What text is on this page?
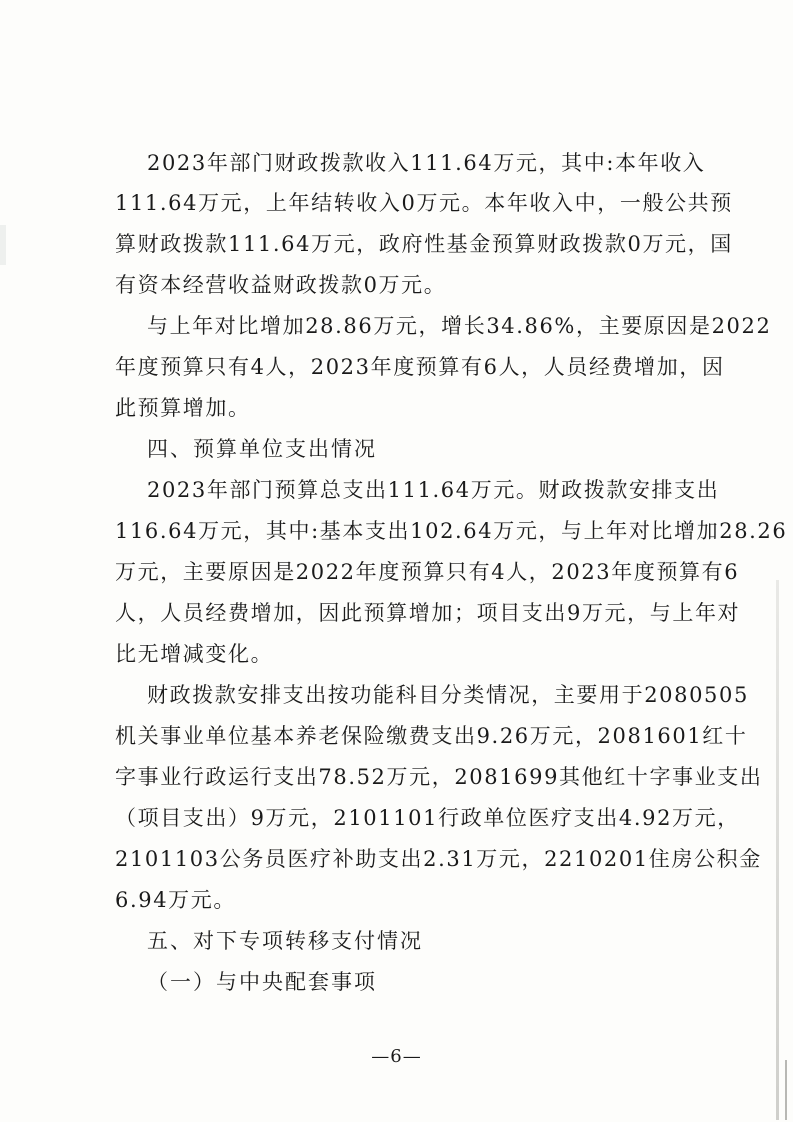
2023年部门财政拨款收入111.64万元，其中:本年收入
111.64万元，上年结转收入0万元。本年收入中，一般公共预
算财政拨款111.64万元，政府性基金预算财政拨款0万元，国
有资本经营收益财政拨款0万元。
与上年对比增加28.86万元，增长34.86%，主要原因是2022
年度预算只有4人，2023年度预算有6人，人员经费增加，因
此预算增加。
四、预算单位支出情况
2023年部门预算总支出111.64万元。财政拨款安排支出
116.64万元，其中:基本支出102.64万元，与上年对比增加28.26
万元，主要原因是2022年度预算只有4人，2023年度预算有6
人，人员经费增加，因此预算增加；项目支出9万元，与上年对
比无增减变化。
财政拨款安排支出按功能科目分类情况，主要用于2080505
机关事业单位基本养老保险缴费支出9.26万元，2081601红十
字事业行政运行支出78.52万元，2081699其他红十字事业支出
（项目支出）9万元，2101101行政单位医疗支出4.92万元，
2101103公务员医疗补助支出2.31万元，2210201住房公积金
6.94万元。
五、对下专项转移支付情况
（一）与中央配套事项
—6—
